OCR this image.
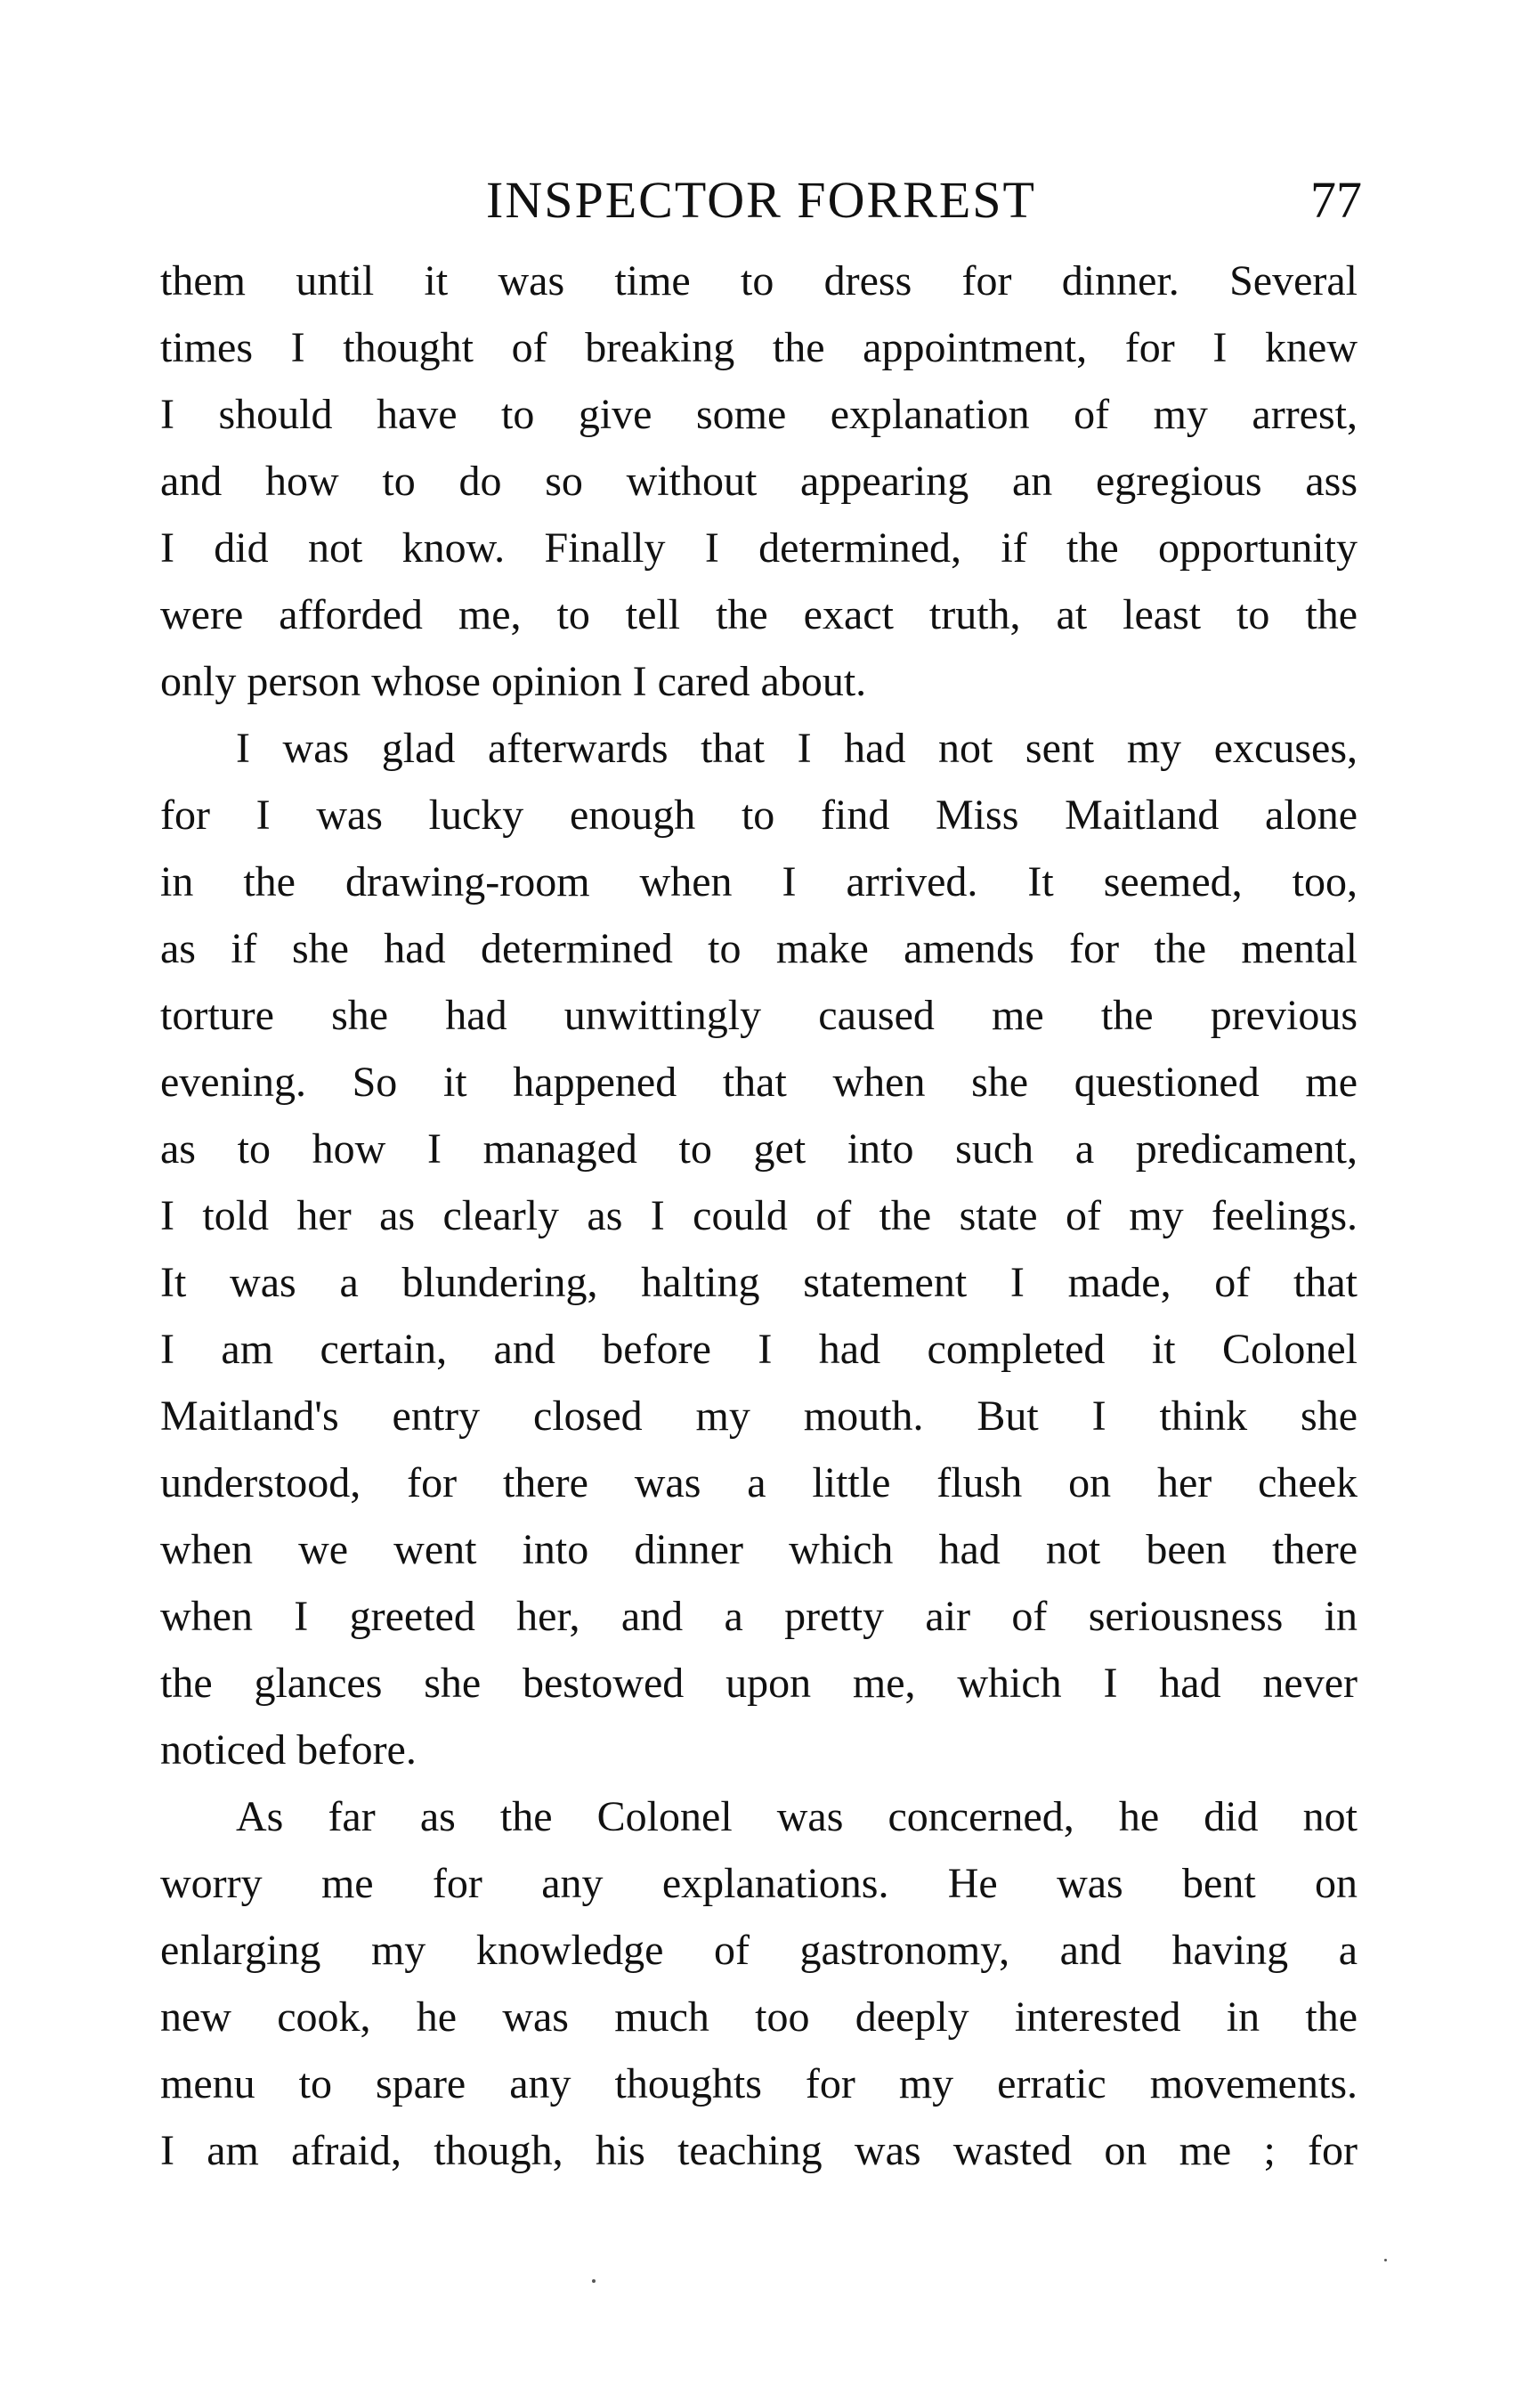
INSPECTOR FORREST	77
them until it was time to dress for dinner. Several
times I thought of breaking the appointment, for I knew
I should have to give some explanation of my arrest,
and how to do so without appearing an egregious ass
I did not know. Finally I determined, if the opportunity
were afforded me, to tell the exact truth, at least to the
only person whose opinion I cared about.
I was glad afterwards that I had not sent my excuses,
for I was lucky enough to find Miss Maitland alone
in the drawing-room when I arrived. It seemed, too,
as if she had determined to make amends for the mental
torture she had unwittingly caused me the previous
evening. So it happened that when she questioned me
as to how I managed to get into such a predicament,
I told her as clearly as I could of the state of my feelings.
It was a blundering, halting statement I made, of that
I am certain, and before I had completed it Colonel
Maitland's entry closed my mouth. But I think she
understood, for there was a little flush on her cheek
when we went into dinner which had not been there
when I greeted her, and a pretty air of seriousness in
the glances she bestowed upon me, which I had never
noticed before.
As far as the Colonel was concerned, he did not
worry me for any explanations. He was bent on
enlarging my knowledge of gastronomy, and having a
new cook, he was much too deeply interested in the
menu to spare any thoughts for my erratic movements.
I am afraid, though, his teaching was wasted on me ; for
